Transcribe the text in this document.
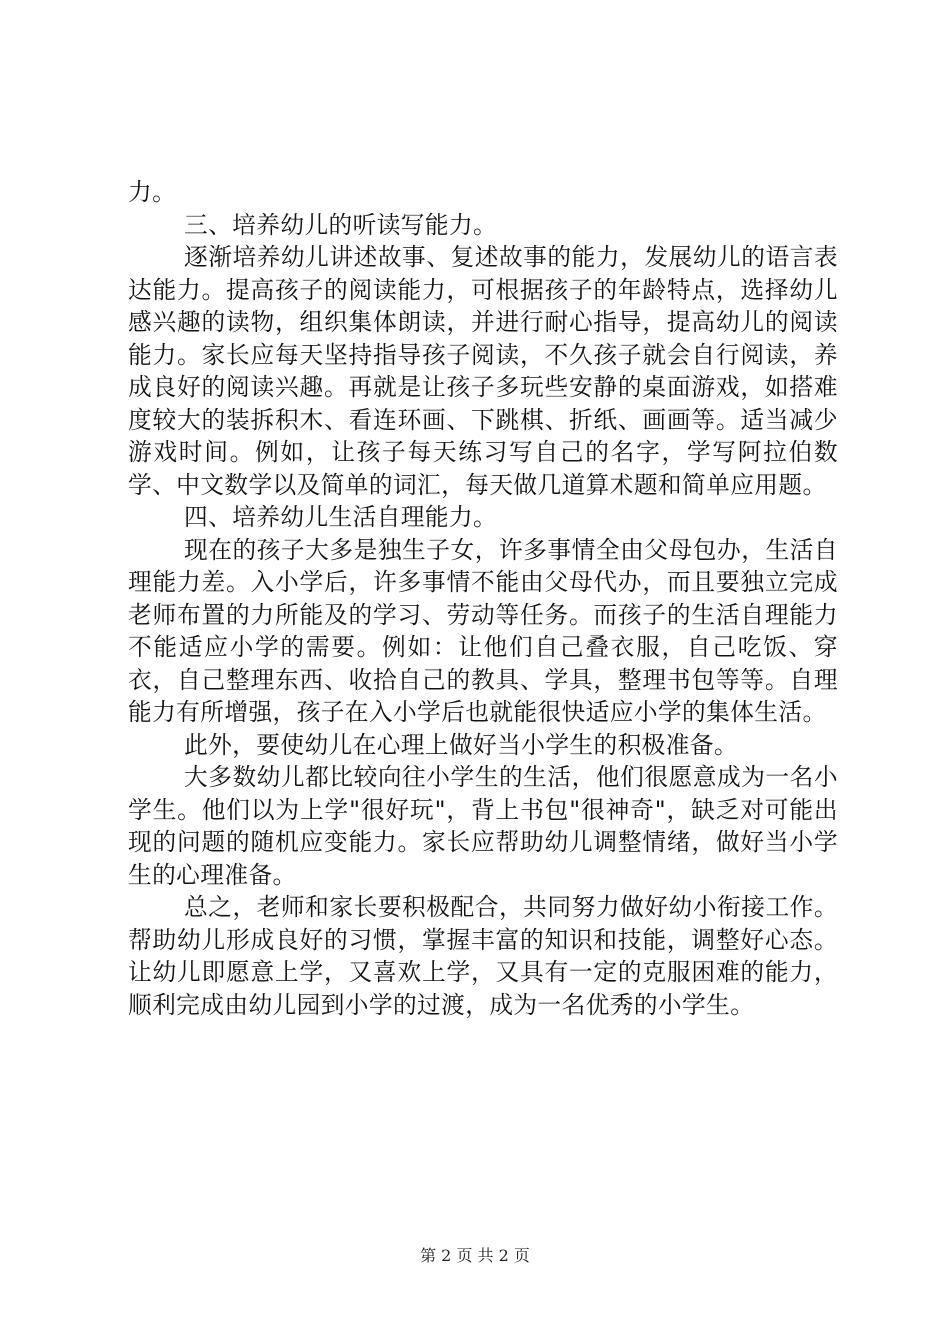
力。

三、培养幼儿的听读写能力。

逐渐培养幼儿讲述故事、复述故事的能力，发展幼儿的语言表达能力。提高孩子的阅读能力，可根据孩子的年龄特点，选择幼儿感兴趣的读物，组织集体朗读，并进行耐心指导，提高幼儿的阅读能力。家长应每天坚持指导孩子阅读，不久孩子就会自行阅读，养成良好的阅读兴趣。再就是让孩子多玩些安静的桌面游戏，如搭难度较大的装拆积木、看连环画、下跳棋、折纸、画画等。适当减少游戏时间。例如，让孩子每天练习写自己的名字，学写阿拉伯数学、中文数学以及简单的词汇，每天做几道算术题和简单应用题。

四、培养幼儿生活自理能力。

现在的孩子大多是独生子女，许多事情全由父母包办，生活自理能力差。入小学后，许多事情不能由父母代办，而且要独立完成老师布置的力所能及的学习、劳动等任务。而孩子的生活自理能力不能适应小学的需要。例如：让他们自己叠衣服，自己吃饭、穿衣，自己整理东西、收拾自己的教具、学具，整理书包等等。自理能力有所增强，孩子在入小学后也就能很快适应小学的集体生活。

此外，要使幼儿在心理上做好当小学生的积极准备。

大多数幼儿都比较向往小学生的生活，他们很愿意成为一名小学生。他们以为上学"很好玩"，背上书包"很神奇"，缺乏对可能出现的问题的随机应变能力。家长应帮助幼儿调整情绪，做好当小学生的心理准备。

总之，老师和家长要积极配合，共同努力做好幼小衔接工作。帮助幼儿形成良好的习惯，掌握丰富的知识和技能，调整好心态。让幼儿即愿意上学，又喜欢上学，又具有一定的克服困难的能力，顺利完成由幼儿园到小学的过渡，成为一名优秀的小学生。

第 2 页 共 2 页
